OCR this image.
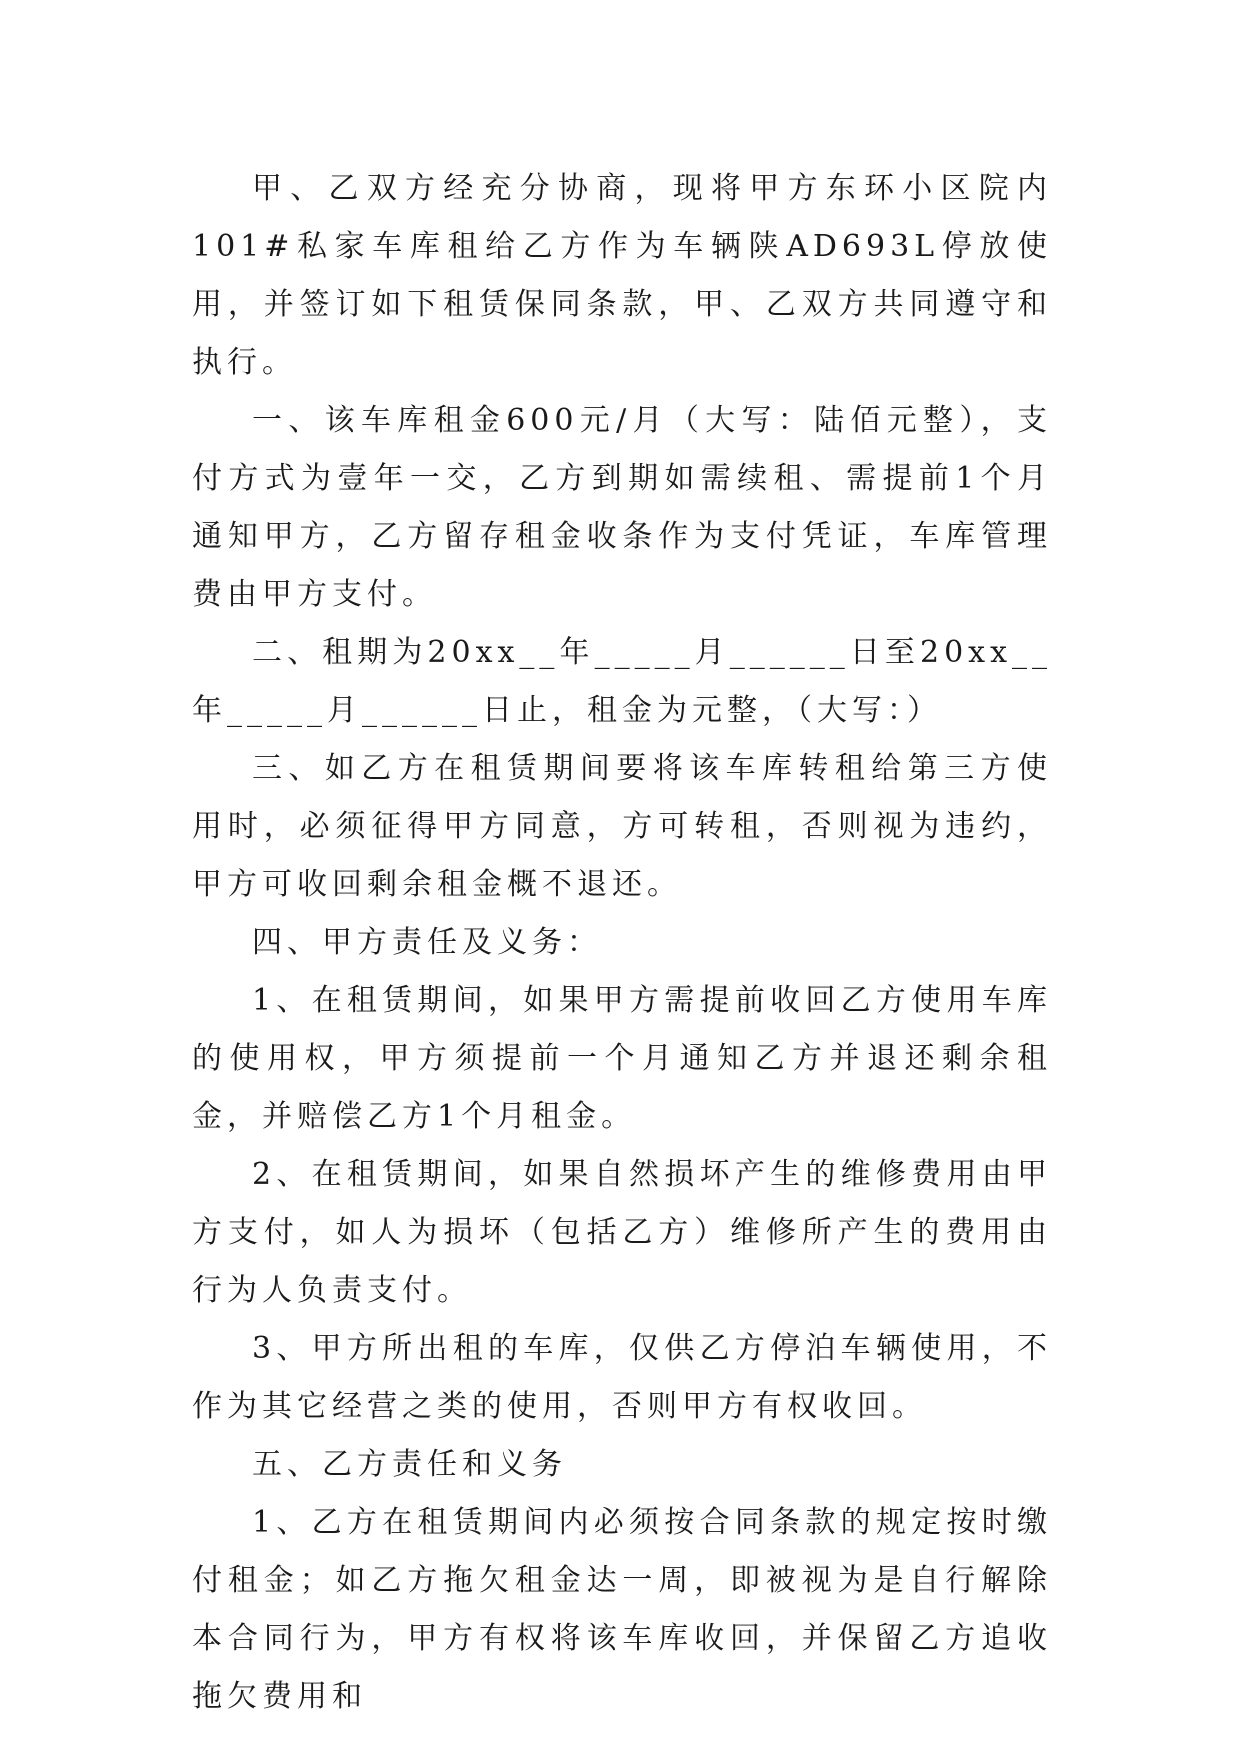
甲、乙双方经充分协商，现将甲方东环小区院内101#私家车库租给乙方作为车辆陕AD693L停放使用，并签订如下租赁保同条款，甲、乙双方共同遵守和执行。

一、该车库租金600元/月（大写：陆佰元整），支付方式为壹年一交，乙方到期如需续租、需提前1个月通知甲方，乙方留存租金收条作为支付凭证，车库管理费由甲方支付。

二、租期为20xx__年_____月______日至20xx__年_____月______日止，租金为元整，（大写：）

三、如乙方在租赁期间要将该车库转租给第三方使用时，必须征得甲方同意，方可转租，否则视为违约，甲方可收回剩余租金概不退还。

四、甲方责任及义务：

1、在租赁期间，如果甲方需提前收回乙方使用车库的使用权，甲方须提前一个月通知乙方并退还剩余租金，并赔偿乙方1个月租金。

2、在租赁期间，如果自然损坏产生的维修费用由甲方支付，如人为损坏（包括乙方）维修所产生的费用由行为人负责支付。

3、甲方所出租的车库，仅供乙方停泊车辆使用，不作为其它经营之类的使用，否则甲方有权收回。

五、乙方责任和义务

1、乙方在租赁期间内必须按合同条款的规定按时缴付租金；如乙方拖欠租金达一周，即被视为是自行解除本合同行为，甲方有权将该车库收回，并保留乙方追收拖欠费用和
